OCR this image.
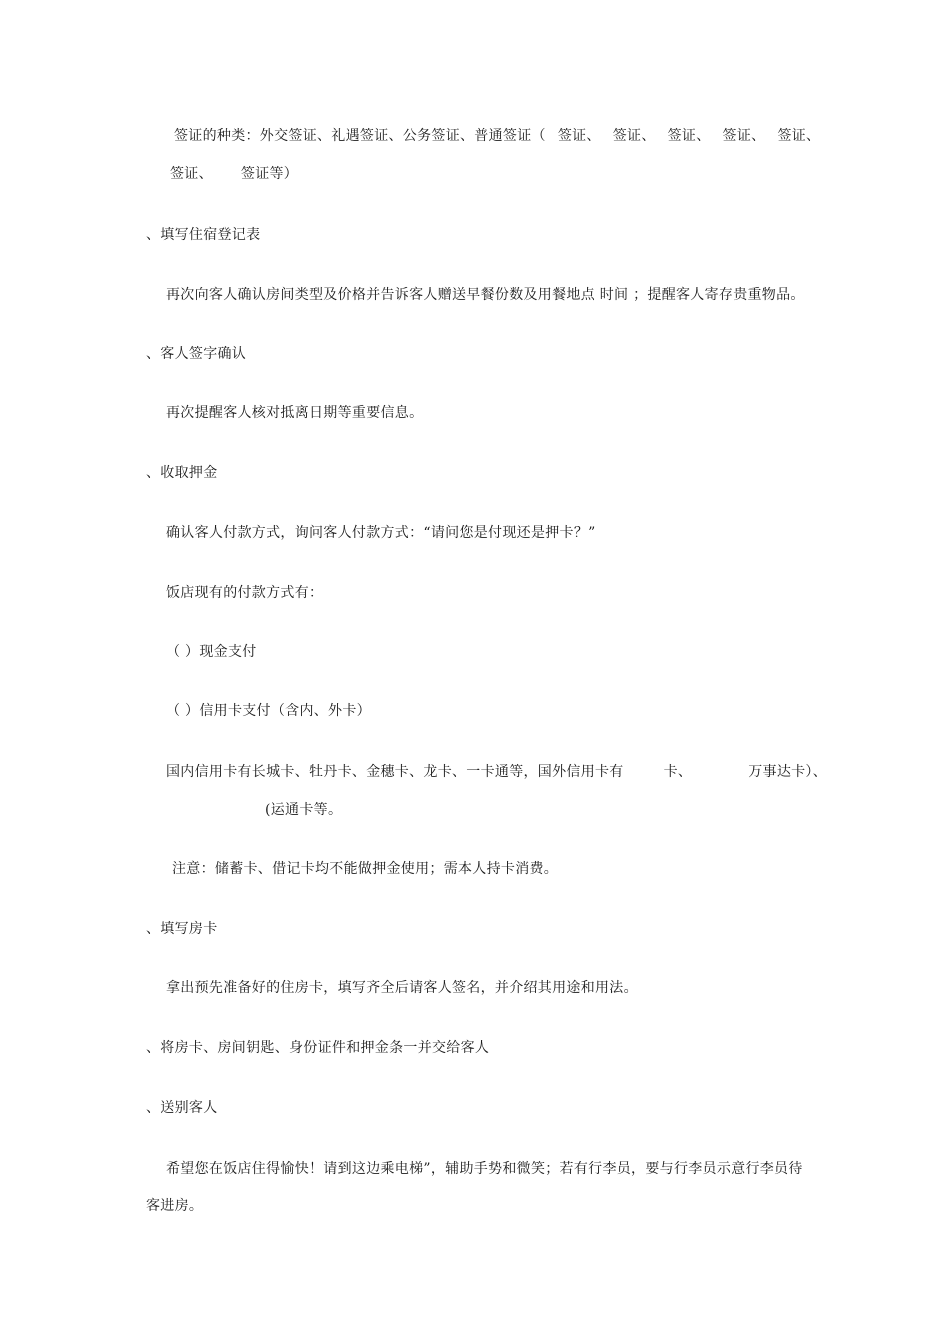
签证的种类：外交签证、礼遇签证、公务签证、普通签证（ 签证、 签证、 签证、 签证、 签证、
签证、 签证等）
、填写住宿登记表
再次向客人确认房间类型及价格并告诉客人赠送早餐份数及用餐地点 时间 ；提醒客人寄存贵重物品。
、客人签字确认
再次提醒客人核对抵离日期等重要信息。
、收取押金
确认客人付款方式，询问客人付款方式：“请问您是付现还是押卡？”
饭店现有的付款方式有：
（ ）现金支付
（ ）信用卡支付（含内、外卡）
国内信用卡有长城卡、牡丹卡、金穗卡、龙卡、一卡通等，国外信用卡有	卡、	万事达卡）、
(运通卡等。
注意：储蓄卡、借记卡均不能做押金使用；需本人持卡消费。
、填写房卡
拿出预先准备好的住房卡，填写齐全后请客人签名，并介绍其用途和用法。
、将房卡、房间钥匙、身份证件和押金条一并交给客人
、送别客人
希望您在饭店住得愉快！请到这边乘电梯”，辅助手势和微笑；若有行李员，要与行李员示意行李员待
客进房。
